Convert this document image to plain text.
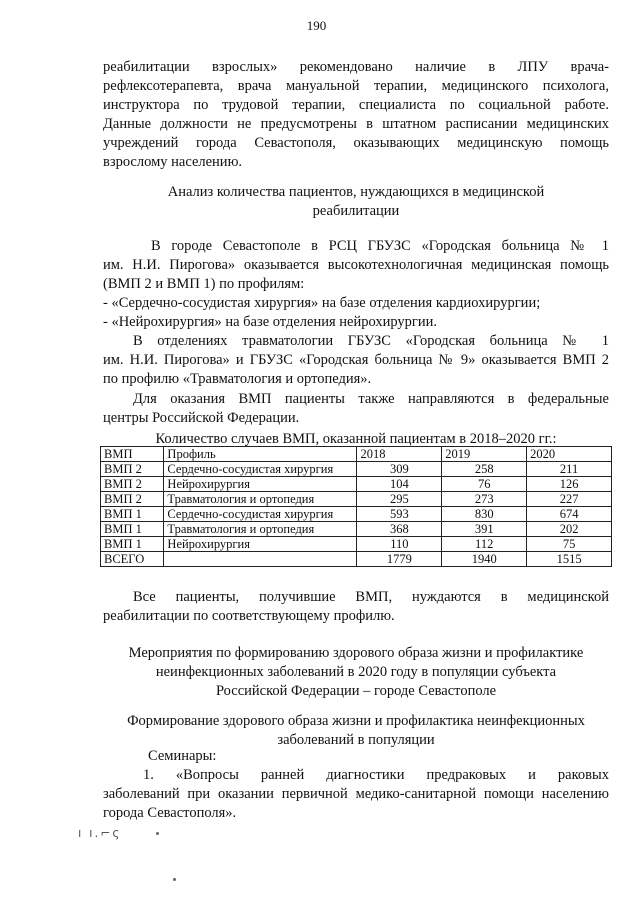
190
реабилитации взрослых» рекомендовано наличие в ЛПУ врача-
рефлексотерапевта, врача мануальной терапии, медицинского психолога,
инструктора по трудовой терапии, специалиста по социальной работе.
Данные должности не предусмотрены в штатном расписании медицинских
учреждений города Севастополя, оказывающих медицинскую помощь
взрослому населению.
Анализ количества пациентов, нуждающихся в медицинской
реабилитации
В городе Севастополе в РСЦ ГБУЗС «Городская больница № 1
им. Н.И. Пирогова» оказывается высокотехнологичная медицинская помощь
(ВМП 2 и ВМП 1) по профилям:
- «Сердечно-сосудистая хирургия» на базе отделения кардиохирургии;
- «Нейрохирургия» на базе отделения нейрохирургии.
В отделениях травматологии ГБУЗС «Городская больница № 1
им. Н.И. Пирогова» и ГБУЗС «Городская больница № 9» оказывается ВМП 2
по профилю «Травматология и ортопедия».
Для оказания ВМП пациенты также направляются в федеральные
центры Российской Федерации.
Количество случаев ВМП, оказанной пациентам в 2018–2020 гг.:
ВМП	Профиль	2018	2019	2020
ВМП 2	Сердечно-сосудистая хирургия	309	258	211
ВМП 2	Нейрохирургия	104	76	126
ВМП 2	Травматология и ортопедия	295	273	227
ВМП 1	Сердечно-сосудистая хирургия	593	830	674
ВМП 1	Травматология и ортопедия	368	391	202
ВМП 1	Нейрохирургия	110	112	75
ВСЕГО		1779	1940	1515
Все пациенты, получившие ВМП, нуждаются в медицинской
реабилитации по соответствующему профилю.
Мероприятия по формированию здорового образа жизни и профилактике
неинфекционных заболеваний в 2020 году в популяции субъекта
Российской Федерации – городе Севастополе
Формирование здорового образа жизни и профилактика неинфекционных
заболеваний в популяции
Семинары:
1. «Вопросы ранней диагностики предраковых и раковых
заболеваний при оказании первичной медико-санитарной помощи населению
города Севастополя».
ı ı.⌐ς
